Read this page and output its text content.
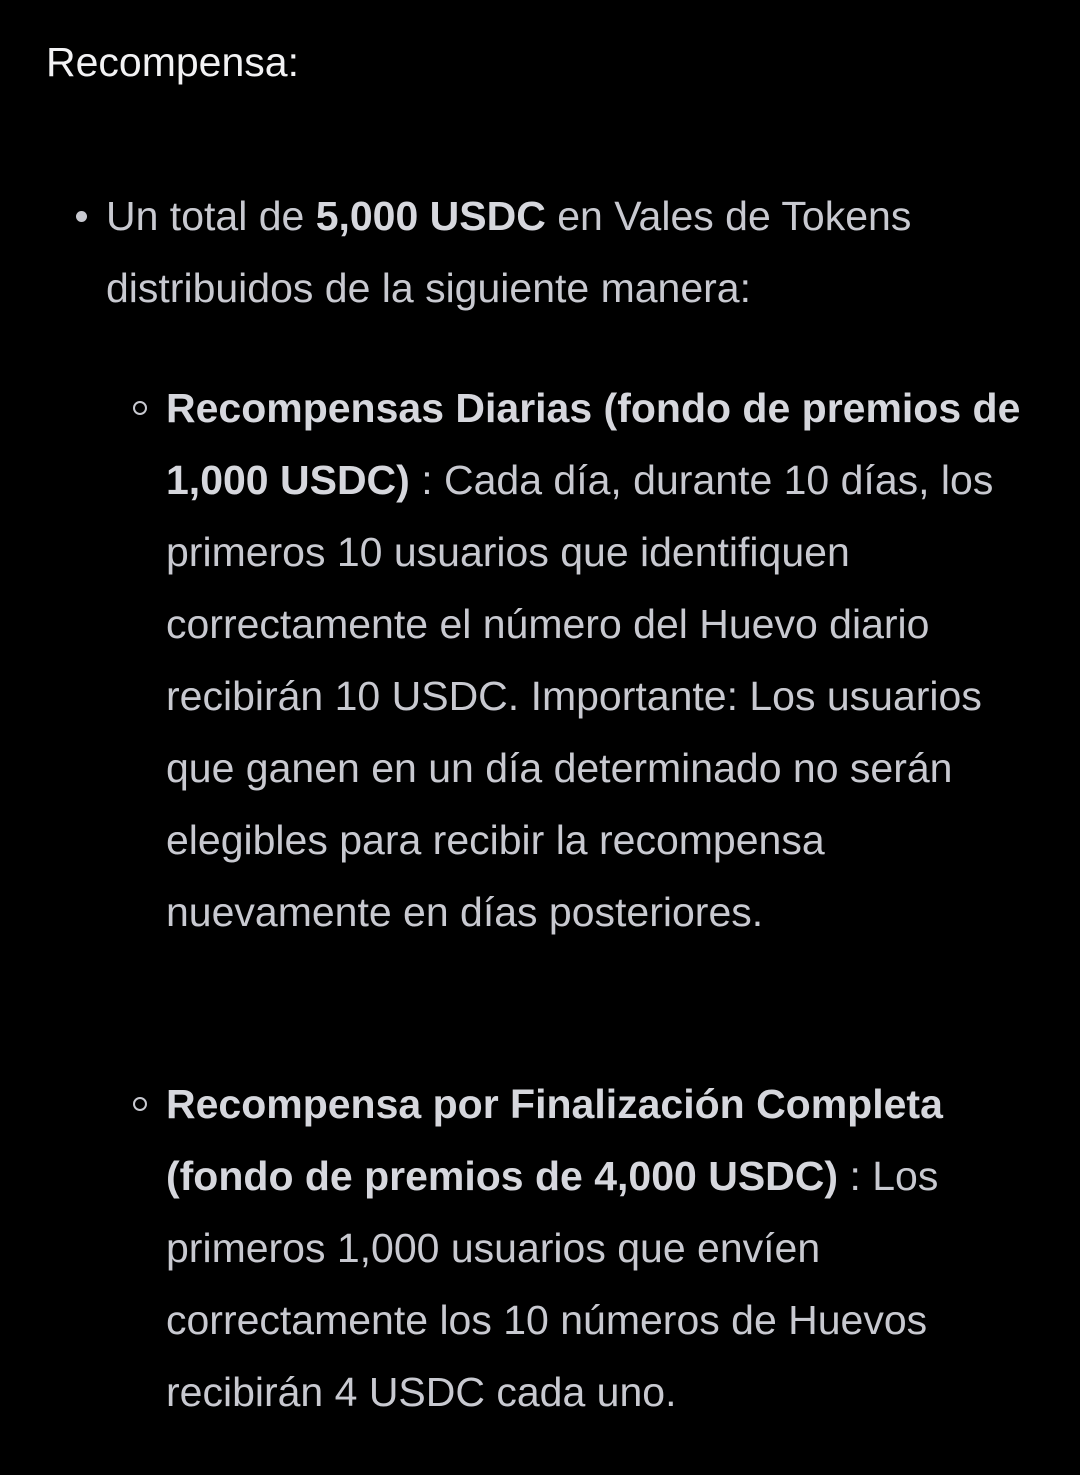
Recompensa:
Un total de 5,000 USDC en Vales de Tokens distribuidos de la siguiente manera:
Recompensas Diarias (fondo de premios de 1,000 USDC) : Cada día, durante 10 días, los primeros 10 usuarios que identifiquen correctamente el número del Huevo diario recibirán 10 USDC. Importante: Los usuarios que ganen en un día determinado no serán elegibles para recibir la recompensa nuevamente en días posteriores.
Recompensa por Finalización Completa (fondo de premios de 4,000 USDC) : Los primeros 1,000 usuarios que envíen correctamente los 10 números de Huevos recibirán 4 USDC cada uno.
